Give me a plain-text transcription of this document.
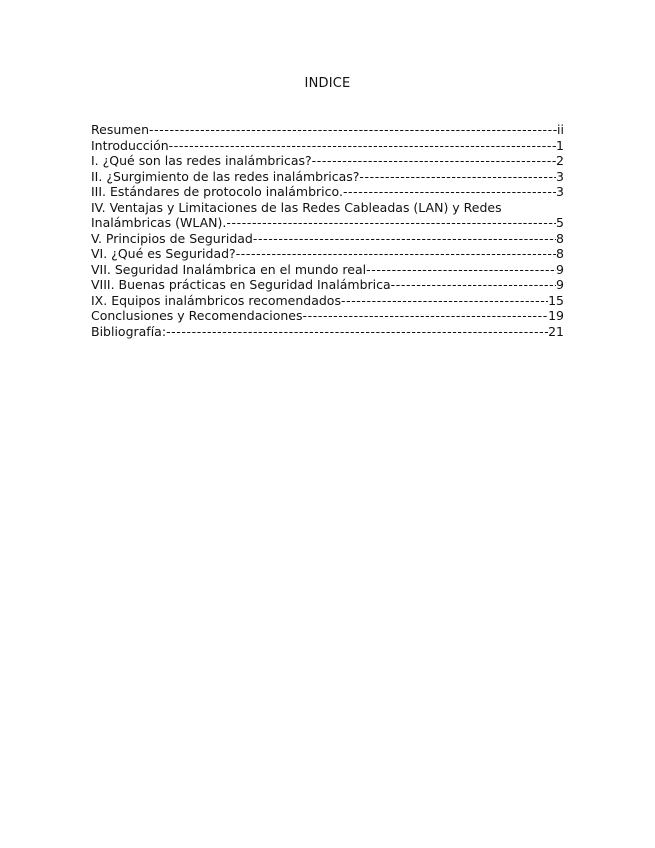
INDICE
Resumen -----	ii
Introducción -----	1
I. ¿Qué son las redes inalámbricas? -----	2
II. ¿Surgimiento de las redes inalámbricas? -----	3
III. Estándares de protocolo inalámbrico. -----	3
IV. Ventajas y Limitaciones de las Redes Cableadas (LAN) y Redes
Inalámbricas (WLAN). -----	5
V. Principios de Seguridad -----	8
VI. ¿Qué es Seguridad? -----	8
VII. Seguridad Inalámbrica en el mundo real -----	9
VIII. Buenas prácticas en Seguridad Inalámbrica -----	9
IX. Equipos inalámbricos recomendados -----	15
Conclusiones y Recomendaciones -----	19
Bibliografía: -----	21
